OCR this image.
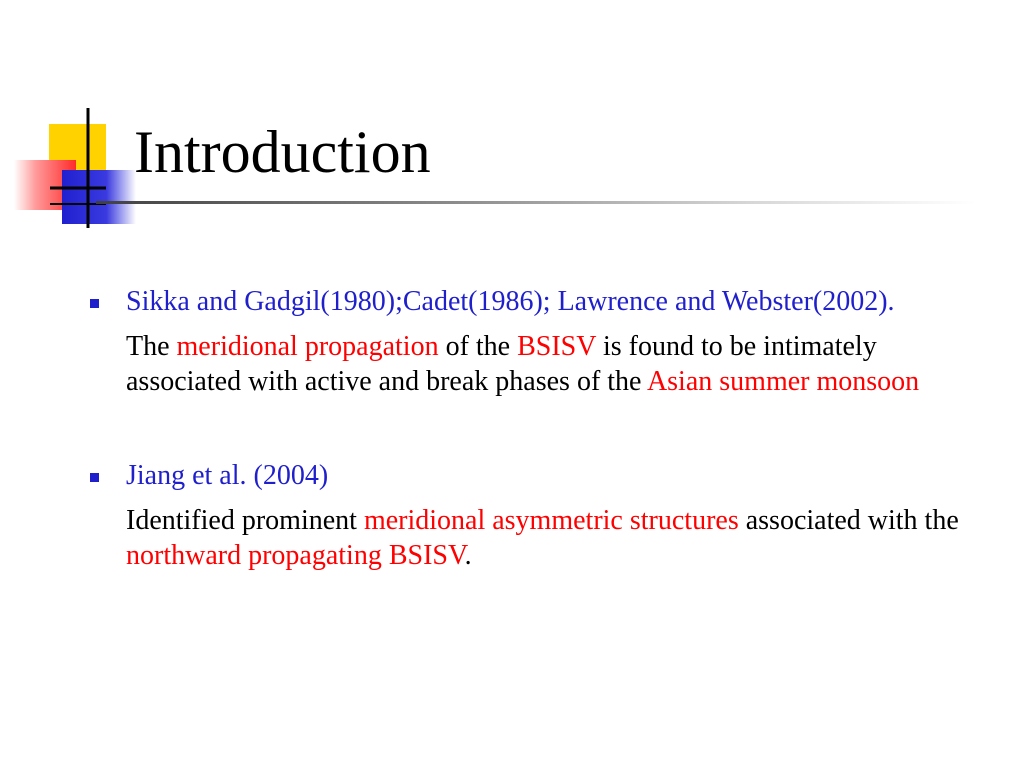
Introduction
Sikka and Gadgil(1980);Cadet(1986); Lawrence and Webster(2002).
The meridional propagation of the BSISV is found to be intimately associated with active and break phases of the Asian summer monsoon
Jiang et al. (2004)
Identified prominent meridional asymmetric structures associated with the northward propagating BSISV.
